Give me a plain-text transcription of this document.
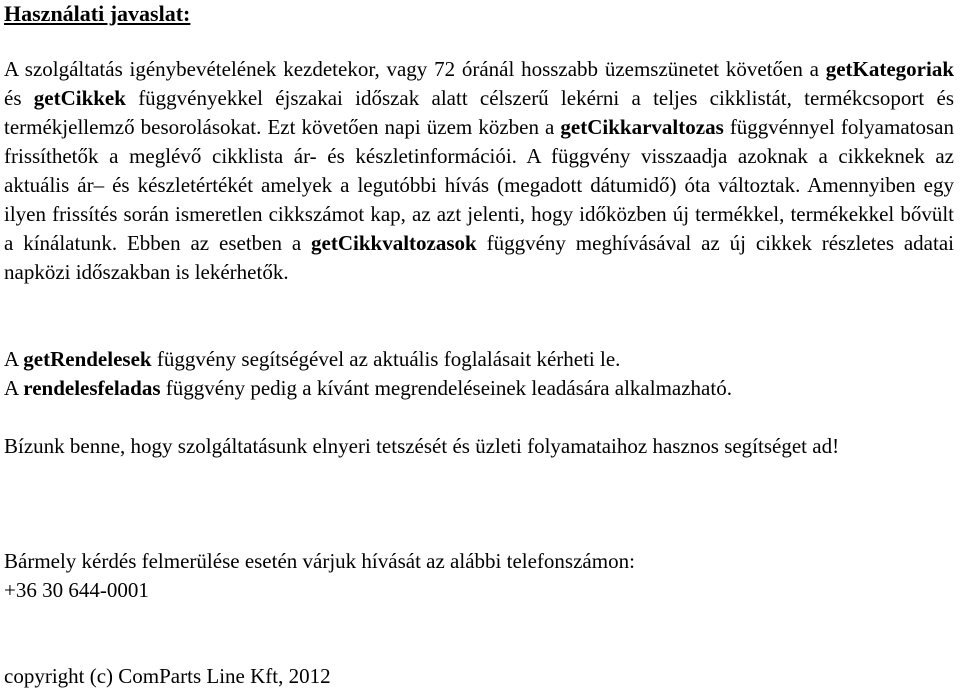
Használati javaslat:

A szolgáltatás igénybevételének kezdetekor, vagy 72 óránál hosszabb üzemszünetet követően a getKategoriak és getCikkek függvényekkel éjszakai időszak alatt célszerű lekérni a teljes cikklistát, termékcsoport és termékjellemző besorolásokat. Ezt követően napi üzem közben a getCikkarvaltozas függvénnyel folyamatosan frissíthetők a meglévő cikklista ár- és készletinformációi. A függvény visszaadja azoknak a cikkeknek az aktuális ár– és készletértékét amelyek a legutóbbi hívás (megadott dátumidő) óta változtak. Amennyiben egy ilyen frissítés során ismeretlen cikkszámot kap, az azt jelenti, hogy időközben új termékkel, termékekkel bővült a kínálatunk. Ebben az esetben a getCikkvaltozasok függvény meghívásával az új cikkek részletes adatai napközi időszakban is lekérhetők.

A getRendelesek függvény segítségével az aktuális foglalásait kérheti le.

A rendelesfeladas függvény pedig a kívánt megrendeléseinek leadására alkalmazható.

Bízunk benne, hogy szolgáltatásunk elnyeri tetszését és üzleti folyamataihoz hasznos segítséget ad!

Bármely kérdés felmerülése esetén várjuk hívását az alábbi telefonszámon:

+36 30 644-0001

copyright (c) ComParts Line Kft, 2012
